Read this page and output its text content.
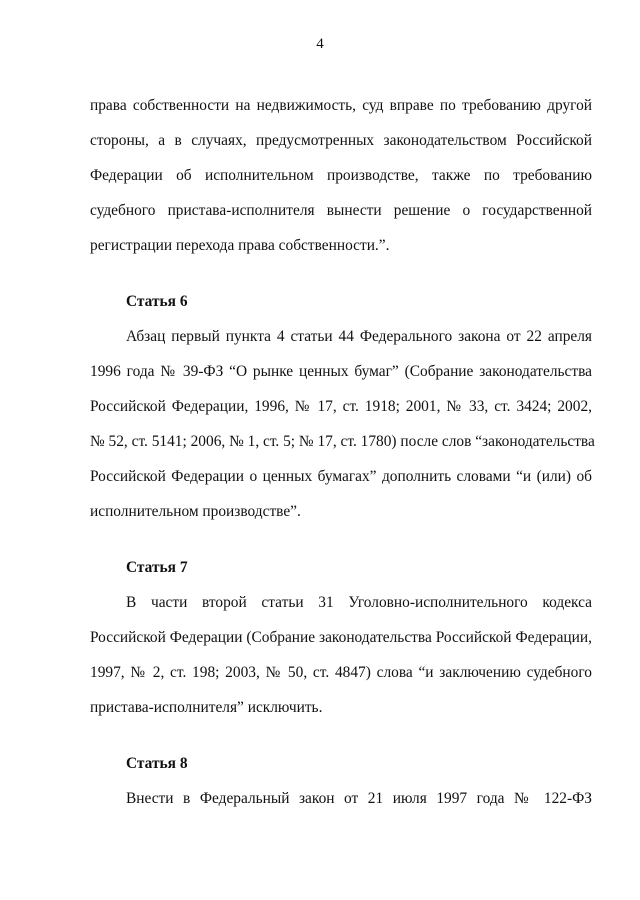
4
права собственности на недвижимость, суд вправе по требованию другой
стороны, а в случаях, предусмотренных законодательством Российской
Федерации об исполнительном производстве, также по требованию
судебного пристава-исполнителя вынести решение о государственной
регистрации перехода права собственности.”.
Статья 6
Абзац первый пункта 4 статьи 44 Федерального закона от 22 апреля
1996 года № 39-ФЗ “О рынке ценных бумаг” (Собрание законодательства
Российской Федерации, 1996, № 17, ст. 1918; 2001, № 33, ст. 3424; 2002,
№ 52, ст. 5141; 2006, № 1, ст. 5; № 17, ст. 1780) после слов “законодательства
Российской Федерации о ценных бумагах” дополнить словами “и (или) об
исполнительном производстве”.
Статья 7
В части второй статьи 31 Уголовно-исполнительного кодекса
Российской Федерации (Собрание законодательства Российской Федерации,
1997, № 2, ст. 198; 2003, № 50, ст. 4847) слова “и заключению судебного
пристава-исполнителя” исключить.
Статья 8
Внести в Федеральный закон от 21 июля 1997 года № 122-ФЗ
